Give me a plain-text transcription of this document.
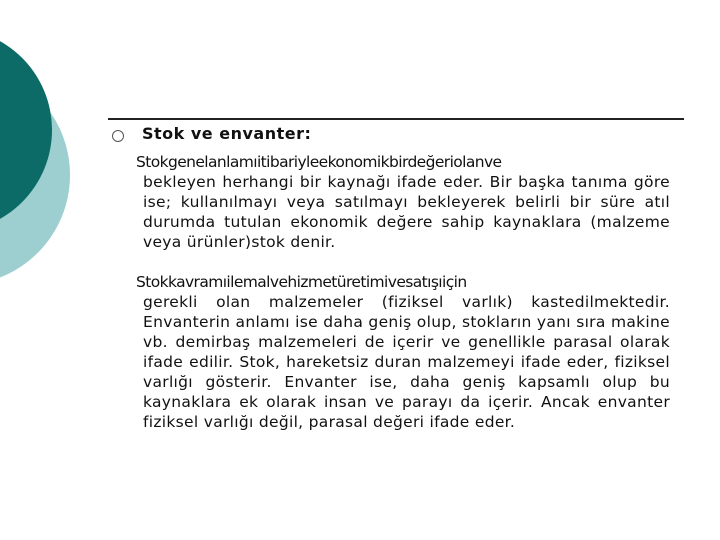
Stok ve envanter:
Stokgenelanlamıitibariyleekonomikbirdeğeriolanve
bekleyen herhangi bir kaynağı ifade eder. Bir başka tanıma göre ise; kullanılmayı veya satılmayı bekleyerek belirli bir süre atıl durumda tutulan ekonomik değere sahip kaynaklara (malzeme veya ürünler)stok denir.
Stokkavramıilemalvehizmetüretimivesatışıiçin
gerekli olan malzemeler (fiziksel varlık) kastedilmektedir. Envanterin anlamı ise daha geniş olup, stokların yanı sıra makine vb. demirbaş malzemeleri de içerir ve genellikle parasal olarak ifade edilir. Stok, hareketsiz duran malzemeyi ifade eder, fiziksel varlığı gösterir. Envanter ise, daha geniş kapsamlı olup bu kaynaklara ek olarak insan ve parayı da içerir. Ancak envanter fiziksel varlığı değil, parasal değeri ifade eder.
